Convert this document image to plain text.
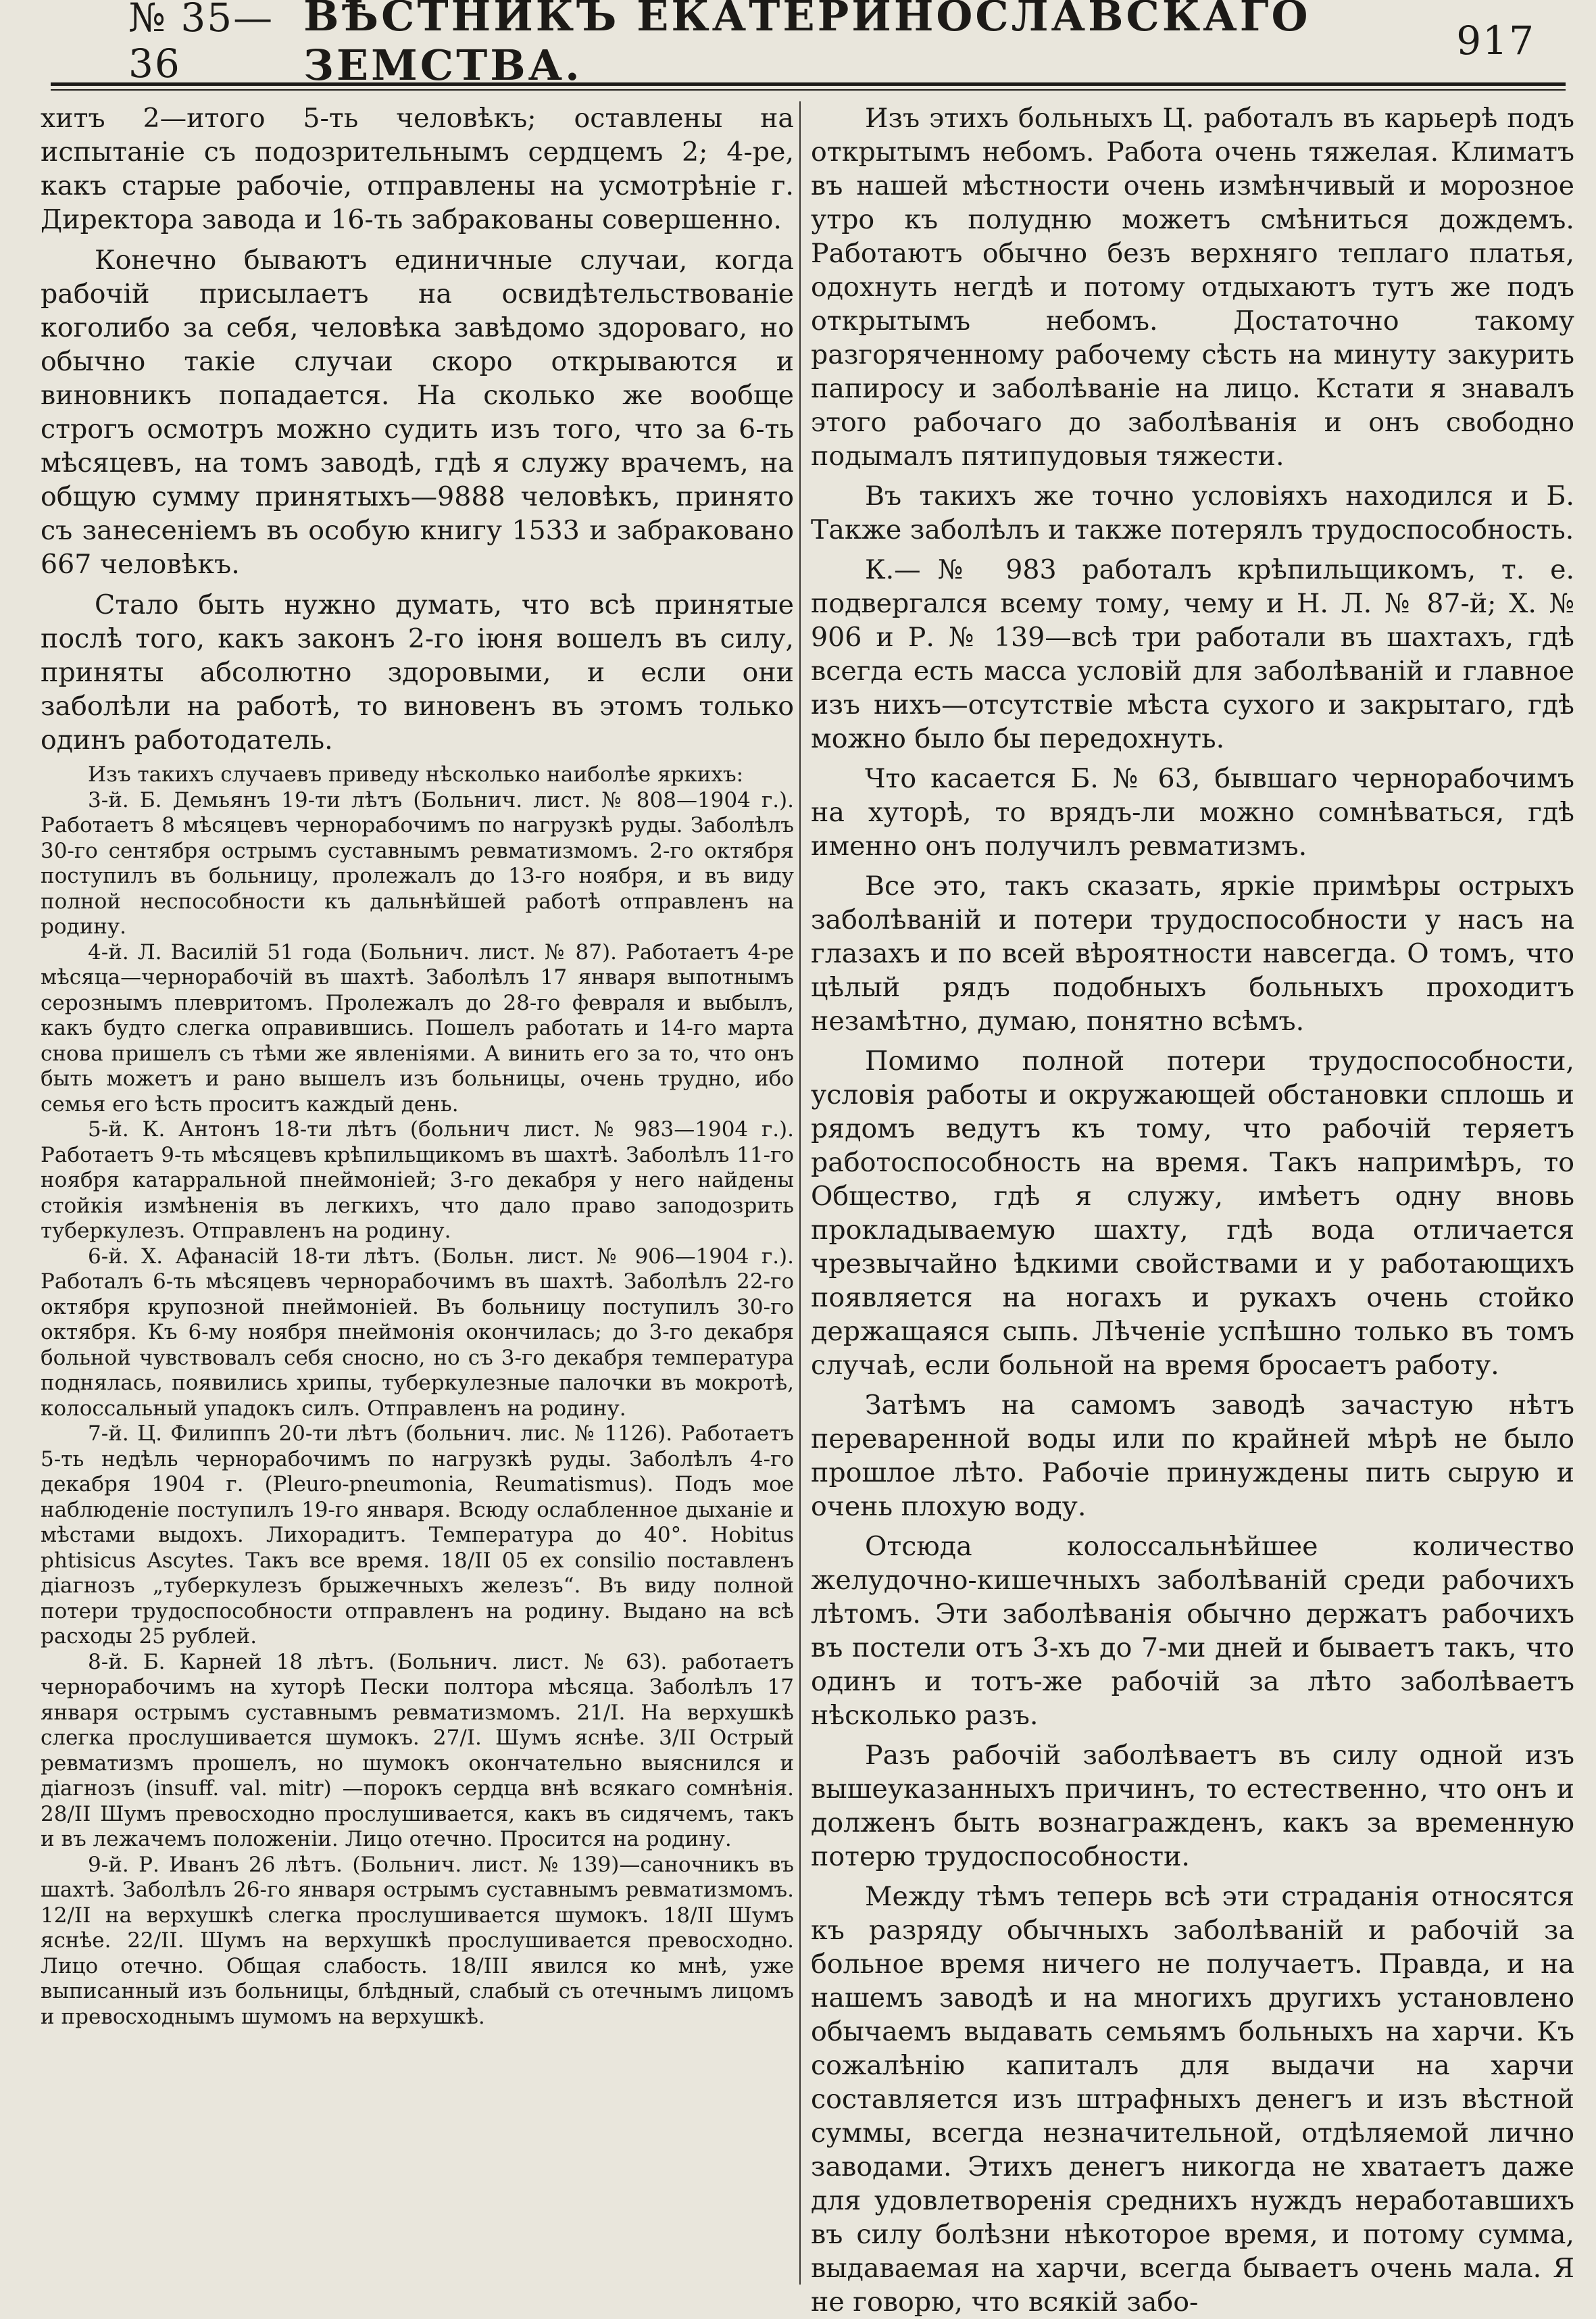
№ 35—36
ВѢСТНИКЪ ЕКАТЕРИНОСЛАВСКАГО ЗЕМСТВА.	917

хитъ 2—итого 5-ть человѣкъ; оставлены на испытанiе съ подозрительнымъ сердцемъ 2; 4-ре, какъ старые рабочiе, отправлены на усмотрѣнiе г. Директора завода и 16-ть забракованы совершенно.

Конечно бываютъ единичные случаи, когда рабочiй присылаетъ на освидѣтельствованiе коголибо за себя, человѣка завѣдомо здороваго, но обычно такiе случаи скоро открываются и виновникъ попадается. На сколько же вообще строгъ осмотръ можно судить изъ того, что за 6-ть мѣсяцевъ, на томъ заводѣ, гдѣ я служу врачемъ, на общую сумму принятыхъ—9888 человѣкъ, принято съ занесенiемъ въ особую книгу 1533 и забраковано 667 человѣкъ.

Стало быть нужно думать, что всѣ принятые послѣ того, какъ законъ 2-го iюня вошелъ въ силу, приняты абсолютно здоровыми, и если они заболѣли на работѣ, то виновенъ въ этомъ только одинъ работодатель.

Изъ такихъ случаевъ приведу нѣсколько наиболѣе яркихъ:

3-й. Б. Демьянъ 19-ти лѣтъ (Больнич. лист. № 808—1904 г.). Работаетъ 8 мѣсяцевъ чернорабочимъ по нагрузкѣ руды. Заболѣлъ 30-го сентября острымъ суставнымъ ревматизмомъ. 2-го октября поступилъ въ больницу, пролежалъ до 13-го ноября, и въ виду полной неспособности къ дальнѣйшей работѣ отправленъ на родину.

4-й. Л. Василiй 51 года (Больнич. лист. № 87). Работаетъ 4-ре мѣсяца—чернорабочiй въ шахтѣ. Заболѣлъ 17 января выпотнымъ серознымъ плевритомъ. Пролежалъ до 28-го февраля и выбылъ, какъ будто слегка оправившись. Пошелъ работать и 14-го марта снова пришелъ съ тѣми же явленiями. А винить его за то, что онъ быть можетъ и рано вышелъ изъ больницы, очень трудно, ибо семья его ѣсть проситъ каждый день.

5-й. К. Антонъ 18-ти лѣтъ (больнич лист. № 983—1904 г.). Работаетъ 9-ть мѣсяцевъ крѣпильщикомъ въ шахтѣ. Заболѣлъ 11-го ноября катарральной пнеймонiей; 3-го декабря у него найдены стойкiя измѣненiя въ легкихъ, что дало право заподозрить туберкулезъ. Отправленъ на родину.

6-й. Х. Афанасiй 18-ти лѣтъ. (Больн. лист. № 906—1904 г.). Работалъ 6-ть мѣсяцевъ чернорабочимъ въ шахтѣ. Заболѣлъ 22-го октября крупозной пнеймонiей. Въ больницу поступилъ 30-го октября. Къ 6-му ноября пнеймонiя окончилась; до 3-го декабря больной чувствовалъ себя сносно, но съ 3-го декабря температура поднялась, появились хрипы, туберкулезные палочки въ мокротѣ, колоссальный упадокъ силъ. Отправленъ на родину.

7-й. Ц. Филиппъ 20-ти лѣтъ (больнич. лис. № 1126). Работаетъ 5-ть недѣль чернорабочимъ по нагрузкѣ руды. Заболѣлъ 4-го декабря 1904 г. (Pleuro-pneumonia, Reumatismus). Подъ мое наблюденiе поступилъ 19-го января. Всюду ослабленное дыханiе и мѣстами выдохъ. Лихорадитъ. Температура до 40°. Hobitus phtisicus Ascytes. Такъ все время. 18/II 05 ex consilio поставленъ дiагнозъ „туберкулезъ брыжечныхъ железъ“. Въ виду полной потери трудоспособности отправленъ на родину. Выдано на всѣ расходы 25 рублей.

8-й. Б. Карней 18 лѣтъ. (Больнич. лист. № 63). работаетъ чернорабочимъ на хуторѣ Пески полтора мѣсяца. Заболѣлъ 17 января острымъ суставнымъ ревматизмомъ. 21/I. На верхушкѣ слегка прослушивается шумокъ. 27/I. Шумъ яснѣе. 3/II Острый ревматизмъ прошелъ, но шумокъ окончательно выяснился и дiагнозъ (insuff. val. mitr) —порокъ сердца внѣ всякаго сомнѣнiя. 28/II Шумъ превосходно прослушивается, какъ въ сидячемъ, такъ и въ лежачемъ положенiи. Лицо отечно. Просится на родину.

9-й. Р. Иванъ 26 лѣтъ. (Больнич. лист. № 139)—саночникъ въ шахтѣ. Заболѣлъ 26-го января острымъ суставнымъ ревматизмомъ. 12/II на верхушкѣ слегка прослушивается шумокъ. 18/II Шумъ яснѣе. 22/II. Шумъ на верхушкѣ прослушивается превосходно. Лицо отечно. Общая слабость. 18/III явился ко мнѣ, уже выписанный изъ больницы, блѣдный, слабый съ отечнымъ лицомъ и превосходнымъ шумомъ на верхушкѣ.

Изъ этихъ больныхъ Ц. работалъ въ карьерѣ подъ открытымъ небомъ. Работа очень тяжелая. Климатъ въ нашей мѣстности очень измѣнчивый и морозное утро къ полудню можетъ смѣниться дождемъ. Работаютъ обычно безъ верхняго теплаго платья, одохнуть негдѣ и потому отдыхаютъ тутъ же подъ открытымъ небомъ. Достаточно такому разгоряченному рабочему сѣсть на минуту закурить папиросу и заболѣванiе на лицо. Кстати я знавалъ этого рабочаго до заболѣванiя и онъ свободно подымалъ пятипудовыя тяжести.

Въ такихъ же точно условiяхъ находился и Б. Также заболѣлъ и также потерялъ трудоспособность.

К.—№ 983 работалъ крѣпильщикомъ, т. е. подвергался всему тому, чему и Н. Л. № 87-й; Х. № 906 и Р. № 139—всѣ три работали въ шахтахъ, гдѣ всегда есть масса условiй для заболѣванiй и главное изъ нихъ—отсутствiе мѣста сухого и закрытаго, гдѣ можно было бы передохнуть.

Что касается Б. № 63, бывшаго чернорабочимъ на хуторѣ, то врядъ-ли можно сомнѣваться, гдѣ именно онъ получилъ ревматизмъ.

Все это, такъ сказать, яркiе примѣры острыхъ заболѣванiй и потери трудоспособности у насъ на глазахъ и по всей вѣроятности навсегда. О томъ, что цѣлый рядъ подобныхъ больныхъ проходитъ незамѣтно, думаю, понятно всѣмъ.

Помимо полной потери трудоспособности, условiя работы и окружающей обстановки сплошь и рядомъ ведутъ къ тому, что рабочiй теряетъ работоспособность на время. Такъ напримѣръ, то Общество, гдѣ я служу, имѣетъ одну вновь прокладываемую шахту, гдѣ вода отличается чрезвычайно ѣдкими свойствами и у работающихъ появляется на ногахъ и рукахъ очень стойко держащаяся сыпь. Лѣченiе успѣшно только въ томъ случаѣ, если больной на время бросаетъ работу.

Затѣмъ на самомъ заводѣ зачастую нѣтъ переваренной воды или по крайней мѣрѣ не было прошлое лѣто. Рабочiе принуждены пить сырую и очень плохую воду.

Отсюда колоссальнѣйшее количество желудочно-кишечныхъ заболѣванiй среди рабочихъ лѣтомъ. Эти заболѣванiя обычно держатъ рабочихъ въ постели отъ 3-хъ до 7-ми дней и бываетъ такъ, что одинъ и тотъ-же рабочiй за лѣто заболѣваетъ нѣсколько разъ.

Разъ рабочiй заболѣваетъ въ силу одной изъ вышеуказанныхъ причинъ, то естественно, что онъ и долженъ быть вознагражденъ, какъ за временную потерю трудоспособности.

Между тѣмъ теперь всѣ эти страданiя относятся къ разряду обычныхъ заболѣванiй и рабочiй за больное время ничего не получаетъ. Правда, и на нашемъ заводѣ и на многихъ другихъ установлено обычаемъ выдавать семьямъ больныхъ на харчи. Къ сожалѣнiю капиталъ для выдачи на харчи составляется изъ штрафныхъ денегъ и изъ вѣстной суммы, всегда незначительной, отдѣляемой лично заводами. Этихъ денегъ никогда не хватаетъ даже для удовлетворенiя среднихъ нуждъ неработавшихъ въ силу болѣзни нѣкоторое время, и потому сумма, выдаваемая на харчи, всегда бываетъ очень мала. Я не говорю, что всякiй забо-
